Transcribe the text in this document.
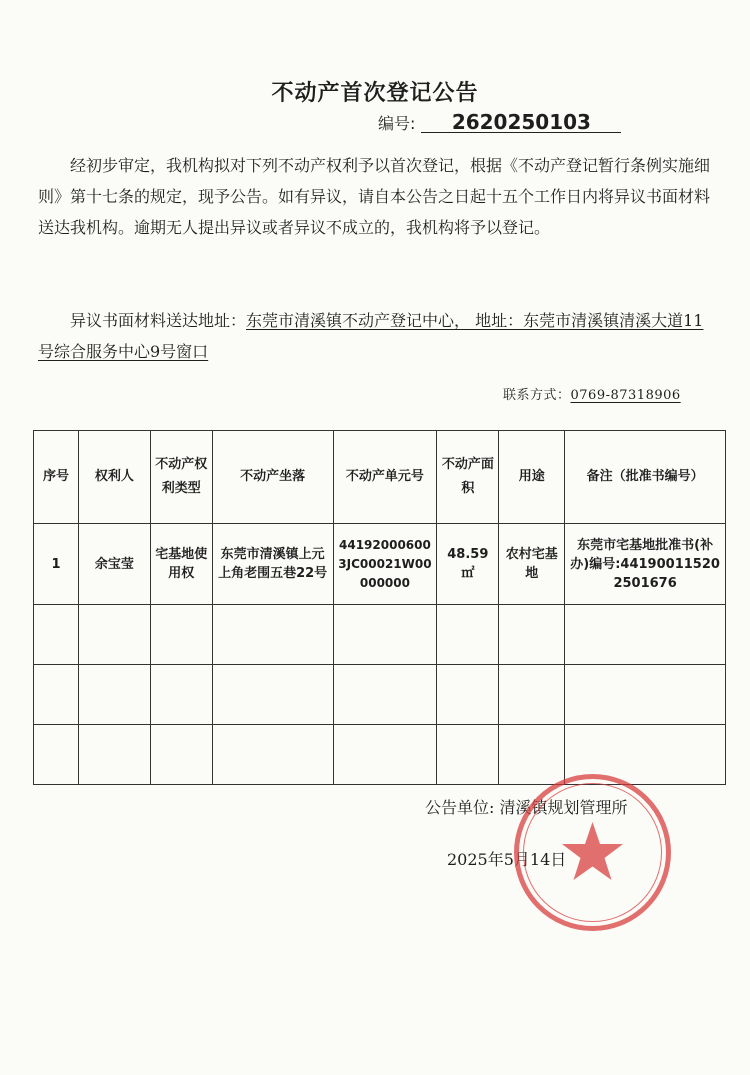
不动产首次登记公告
编号: 2620250103
经初步审定，我机构拟对下列不动产权利予以首次登记，根据《不动产登记暂行条例实施细则》第十七条的规定，现予公告。如有异议，请自本公告之日起十五个工作日内将异议书面材料送达我机构。逾期无人提出异议或者异议不成立的，我机构将予以登记。
异议书面材料送达地址：东莞市清溪镇不动产登记中心， 地址：东莞市清溪镇清溪大道11号综合服务中心9号窗口
联系方式：0769-87318906
序号	权利人	不动产权利类型	不动产坐落	不动产单元号	不动产面积	用途	备注（批准书编号）
1	余宝莹	宅基地使用权	东莞市清溪镇上元上角老围五巷22号	441920006003JC00021W00000000	48.59 ㎡	农村宅基地	东莞市宅基地批准书(补办)编号:441900115202501676

公告单位: 清溪镇规划管理所
2025年5月14日
